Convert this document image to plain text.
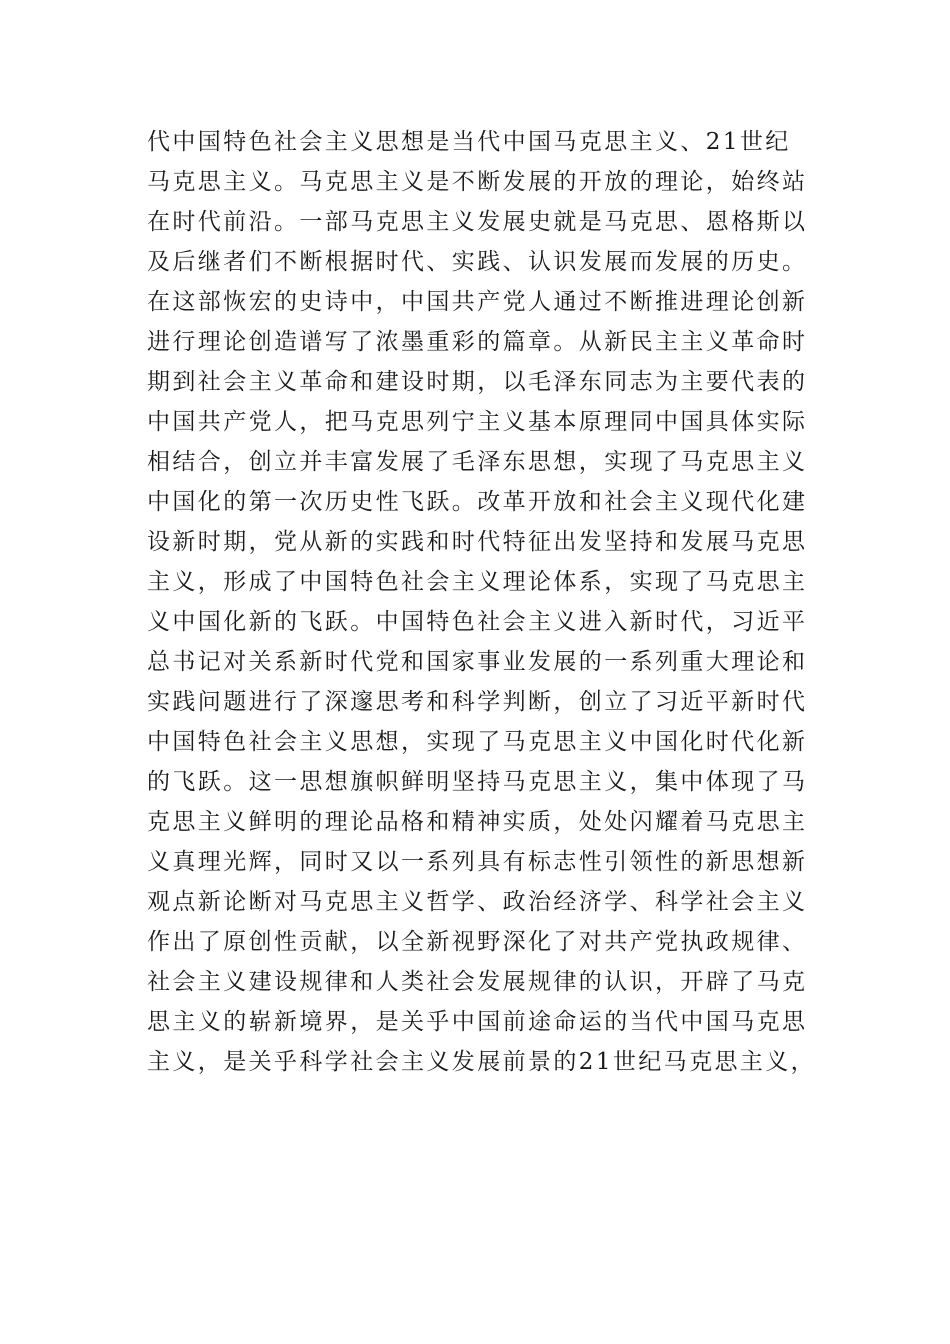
代中国特色社会主义思想是当代中国马克思主义、21世纪
马克思主义。马克思主义是不断发展的开放的理论，始终站
在时代前沿。一部马克思主义发展史就是马克思、恩格斯以
及后继者们不断根据时代、实践、认识发展而发展的历史。
在这部恢宏的史诗中，中国共产党人通过不断推进理论创新
进行理论创造谱写了浓墨重彩的篇章。从新民主主义革命时
期到社会主义革命和建设时期，以毛泽东同志为主要代表的
中国共产党人，把马克思列宁主义基本原理同中国具体实际
相结合，创立并丰富发展了毛泽东思想，实现了马克思主义
中国化的第一次历史性飞跃。改革开放和社会主义现代化建
设新时期，党从新的实践和时代特征出发坚持和发展马克思
主义，形成了中国特色社会主义理论体系，实现了马克思主
义中国化新的飞跃。中国特色社会主义进入新时代，习近平
总书记对关系新时代党和国家事业发展的一系列重大理论和
实践问题进行了深邃思考和科学判断，创立了习近平新时代
中国特色社会主义思想，实现了马克思主义中国化时代化新
的飞跃。这一思想旗帜鲜明坚持马克思主义，集中体现了马
克思主义鲜明的理论品格和精神实质，处处闪耀着马克思主
义真理光辉，同时又以一系列具有标志性引领性的新思想新
观点新论断对马克思主义哲学、政治经济学、科学社会主义
作出了原创性贡献，以全新视野深化了对共产党执政规律、
社会主义建设规律和人类社会发展规律的认识，开辟了马克
思主义的崭新境界，是关乎中国前途命运的当代中国马克思
主义，是关乎科学社会主义发展前景的21世纪马克思主义，
